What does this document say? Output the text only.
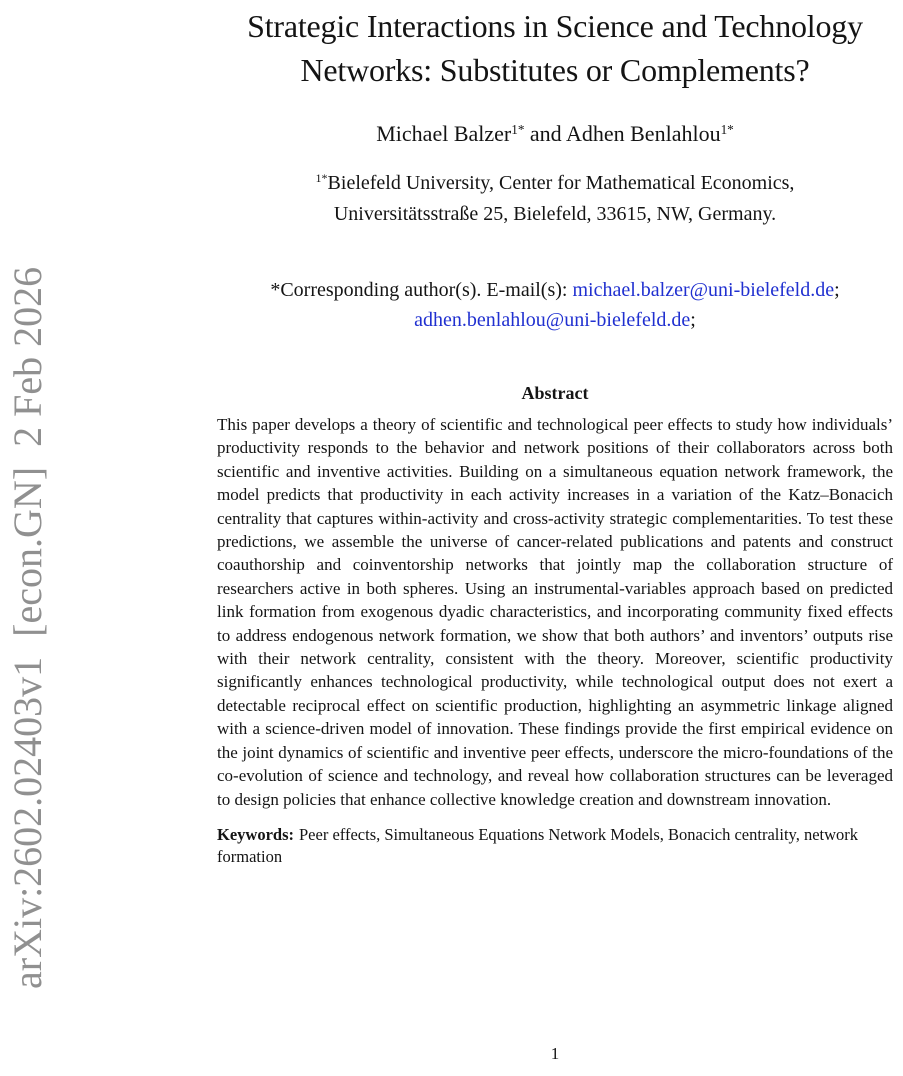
arXiv:2602.02403v1  [econ.GN]  2 Feb 2026
Strategic Interactions in Science and Technology
Networks: Substitutes or Complements?
Michael Balzer$^{1*}$ and Adhen Benlahlou$^{1*}$
$^{1*}$Bielefeld University, Center for Mathematical Economics,
Universitätsstraße 25, Bielefeld, 33615, NW, Germany.
*Corresponding author(s). E-mail(s): michael.balzer@uni-bielefeld.de;
adhen.benlahlou@uni-bielefeld.de;
Abstract

This paper develops a theory of scientific and technological peer effects to study how individuals’ productivity responds to the behavior and network positions of their collaborators across both scientific and inventive activities. Building on a simultaneous equation network framework, the model predicts that productivity in each activity increases in a variation of the Katz–Bonacich centrality that captures within-activity and cross-activity strategic complementarities. To test these predictions, we assemble the universe of cancer-related publications and patents and construct coauthorship and coinventorship networks that jointly map the collaboration structure of researchers active in both spheres. Using an instrumental-variables approach based on predicted link formation from exogenous dyadic characteristics, and incorporating community fixed effects to address endogenous network formation, we show that both authors’ and inventors’ outputs rise with their network centrality, consistent with the theory. Moreover, scientific productivity significantly enhances technological productivity, while technological output does not exert a detectable reciprocal effect on scientific production, highlighting an asymmetric linkage aligned with a science-driven model of innovation. These findings provide the first empirical evidence on the joint dynamics of scientific and inventive peer effects, underscore the micro-foundations of the co-evolution of science and technology, and reveal how collaboration structures can be leveraged to design policies that enhance collective knowledge creation and downstream innovation.

Keywords: Peer effects, Simultaneous Equations Network Models, Bonacich centrality, network formation

1
